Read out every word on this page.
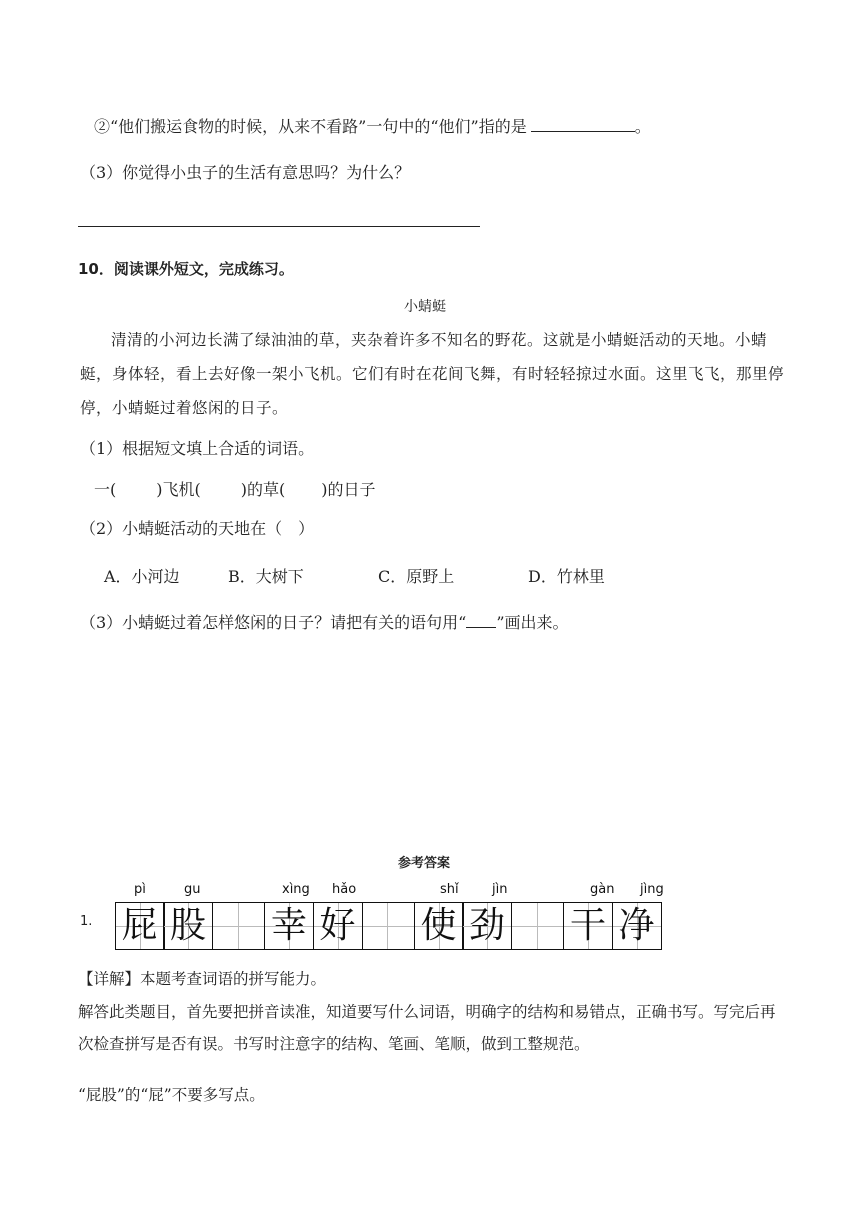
②“他们搬运食物的时候，从来不看路”一句中的“他们”指的是	。
（3）你觉得小虫子的生活有意思吗？为什么？
10．阅读课外短文，完成练习。
小蜻蜓

清清的小河边长满了绿油油的草，夹杂着许多不知名的野花。这就是小蜻蜓活动的天地。小蜻蜓，身体轻，看上去好像一架小飞机。它们有时在花间飞舞，有时轻轻掠过水面。这里飞飞，那里停停，小蜻蜓过着悠闲的日子。

（1）根据短文填上合适的词语。
一(	)飞机(	)的草( )的日子
（2）小蜻蜓活动的天地在（　）
A．小河边	B．大树下	C．原野上	D．竹林里
（3）小蜻蜓过着怎样悠闲的日子？请把有关的语句用“ ”画出来。
参考答案
1.
pì	gu	xìng hǎo	shǐ	jìn	gàn jìng
屁 股 幸 好 使 劲 干 净
【详解】本题考查词语的拼写能力。

解答此类题目，首先要把拼音读准，知道要写什么词语，明确字的结构和易错点，正确书写。写完后再次检查拼写是否有误。书写时注意字的结构、笔画、笔顺，做到工整规范。

“屁股”的“屁”不要多写点。
